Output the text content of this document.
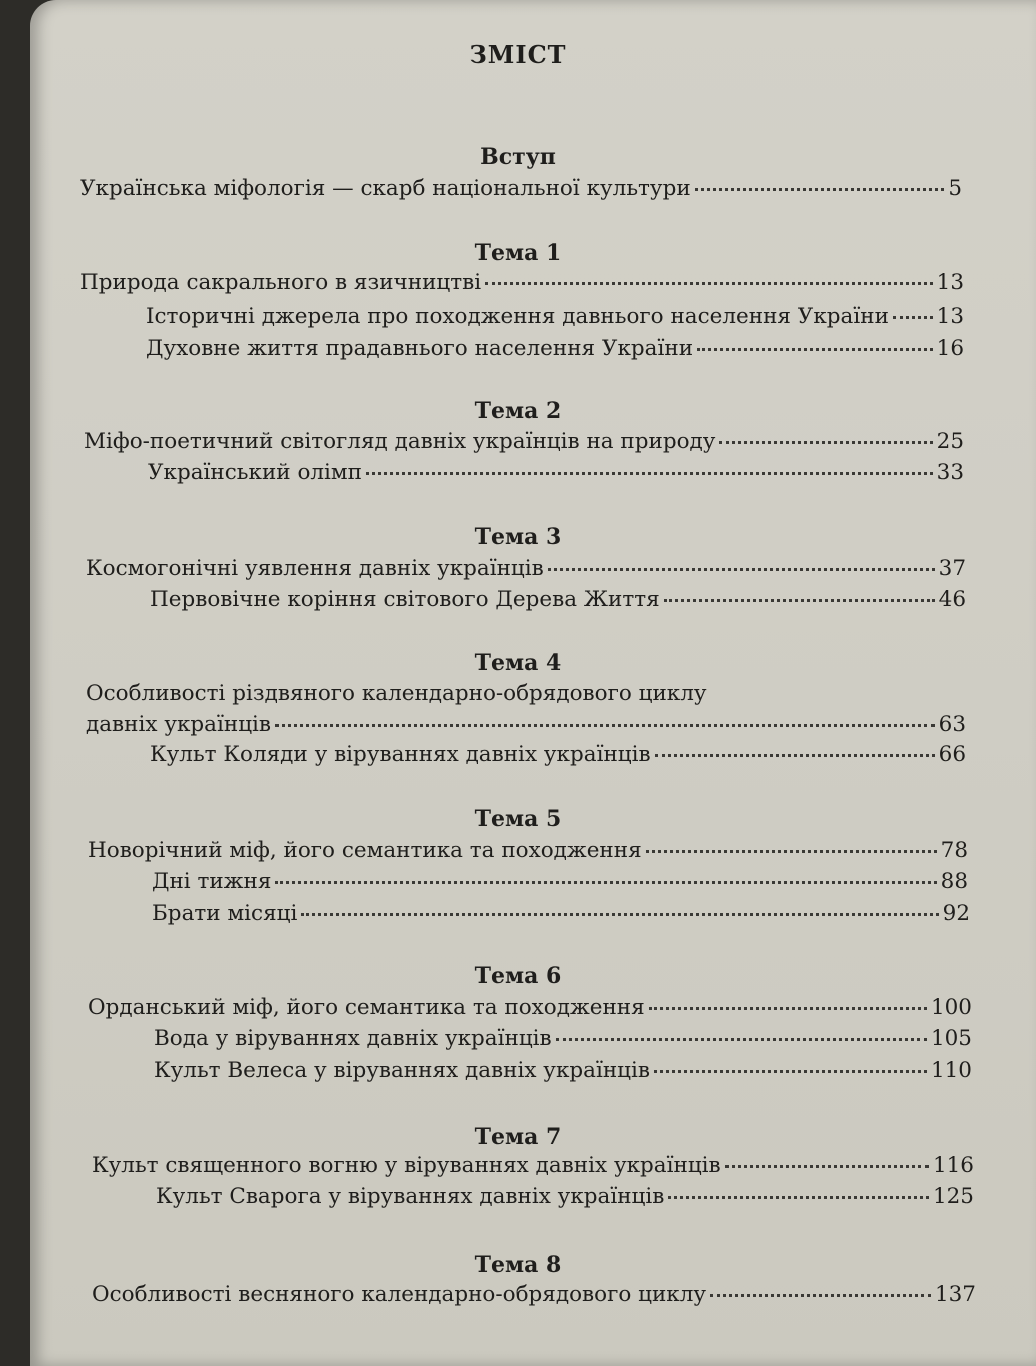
ЗМІСТ
Вступ
Українська міфологія — скарб національної культури	5
Тема 1
Природа сакрального в язичництві	13
Історичні джерела про походження давнього населення України 13
Духовне життя прадавнього населення України	16
Тема 2
Міфо-поетичний світогляд давніх українців на природу	25
Український олімп	33
Тема 3
Космогонічні уявлення давніх українців	37
Первовічне коріння світового Дерева Життя	46
Тема 4
Особливості різдвяного календарно-обрядового циклу
давніх українців	63
Культ Коляди у віруваннях давніх українців	66
Тема 5
Новорічний міф, його семантика та походження	78
Дні тижня	88
Брати місяці	92
Тема 6
Орданський міф, його семантика та походження	100
Вода у віруваннях давніх українців	105
Культ Велеса у віруваннях давніх українців	110
Тема 7
Культ священного вогню у віруваннях давніх українців	116
Культ Сварога у віруваннях давніх українців	125
Тема 8
Особливості весняного календарно-обрядового циклу	137
